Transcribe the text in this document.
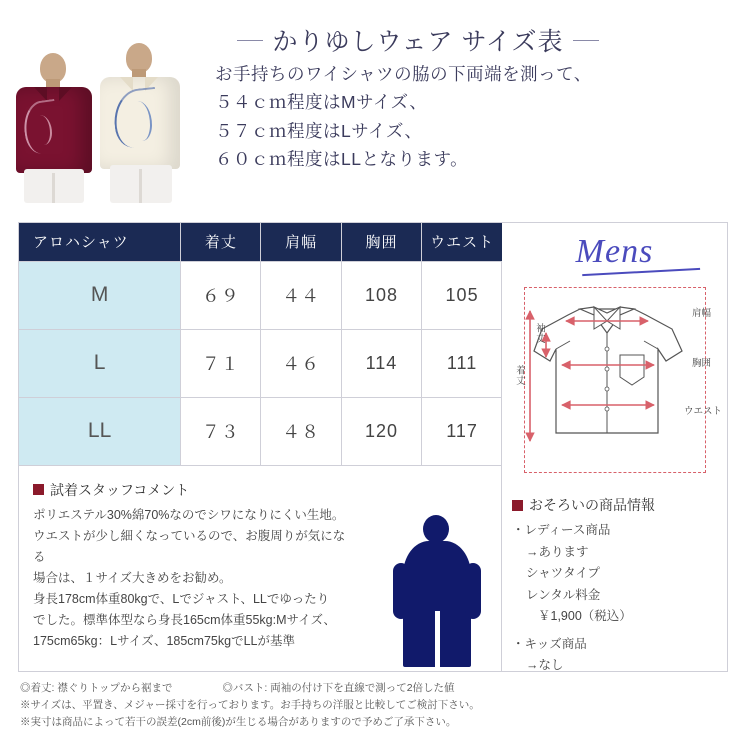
かりゆしウェア サイズ表
お手持ちのワイシャツの脇の下両端を測って、
５４ｃｍ程度はMサイズ、
５７ｃｍ程度はLサイズ、
６０ｃｍ程度はLLとなります。
アロハシャツ	着丈	肩幅	胸囲	ウエスト
M	６９	４４	108	105
L	７１	４６	114	111
LL	７３	４８	120	117
試着スタッフコメント
ポリエステル30%綿70%なのでシワになりにくい生地。
ウエストが少し細くなっているので、お腹周りが気になる
場合は、１サイズ大きめをお勧め。
身長178cm体重80kgで、Lでジャスト、LLでゆったり
でした。標準体型なら身長165cm体重55kg:Mサイズ、
175cm65kg：Lサイズ、185cm75kgでLLが基準
Mens
袖丈
着丈
肩幅
胸囲
ウエスト
おそろいの商品情報
・レディース商品
→あります
シャツタイプ
レンタル料金
￥1,900（税込）
・キッズ商品
→なし
◎着丈: 襟ぐりトップから裾まで	◎バスト: 両袖の付け下を直線で測って2倍した値
※サイズは、平置き、メジャー採寸を行っております。お手持ちの洋服と比較してご検討下さい。
※実寸は商品によって若干の誤差(2cm前後)が生じる場合がありますので予めご了承下さい。
